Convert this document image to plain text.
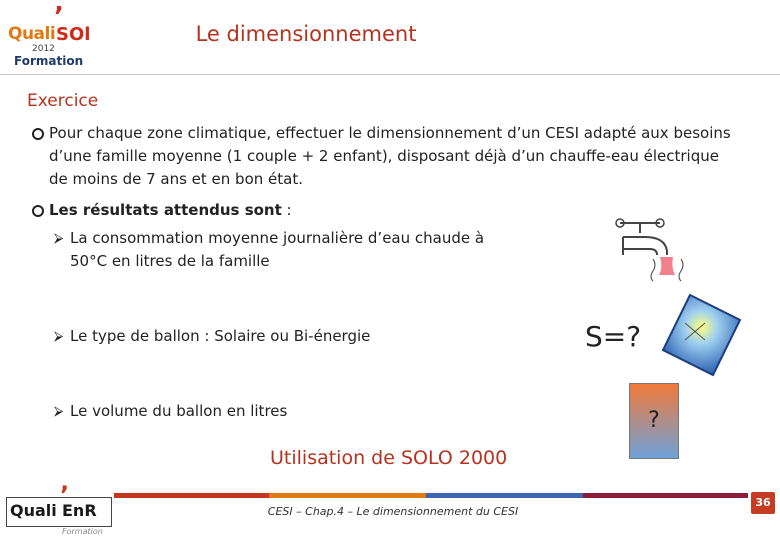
’
Quali SOl
2012
Formation
Le dimensionnement
Exercice
Pour chaque zone climatique, effectuer le dimensionnement d’un CESI adapté aux besoins d’une famille moyenne (1 couple + 2 enfant), disposant déjà d’un chauffe-eau électrique de moins de 7 ans et en bon état.
Les résultats attendus sont :
⮚ La consommation moyenne journalière d’eau chaude à 50°C en litres de la famille
⮚ Le type de ballon : Solaire ou Bi-énergie
⮚ Le volume du ballon en litres
S=?
?
Utilisation de SOLO 2000
CESI – Chap.4 – Le dimensionnement du CESI
36
’
Quali EnR
Formation
